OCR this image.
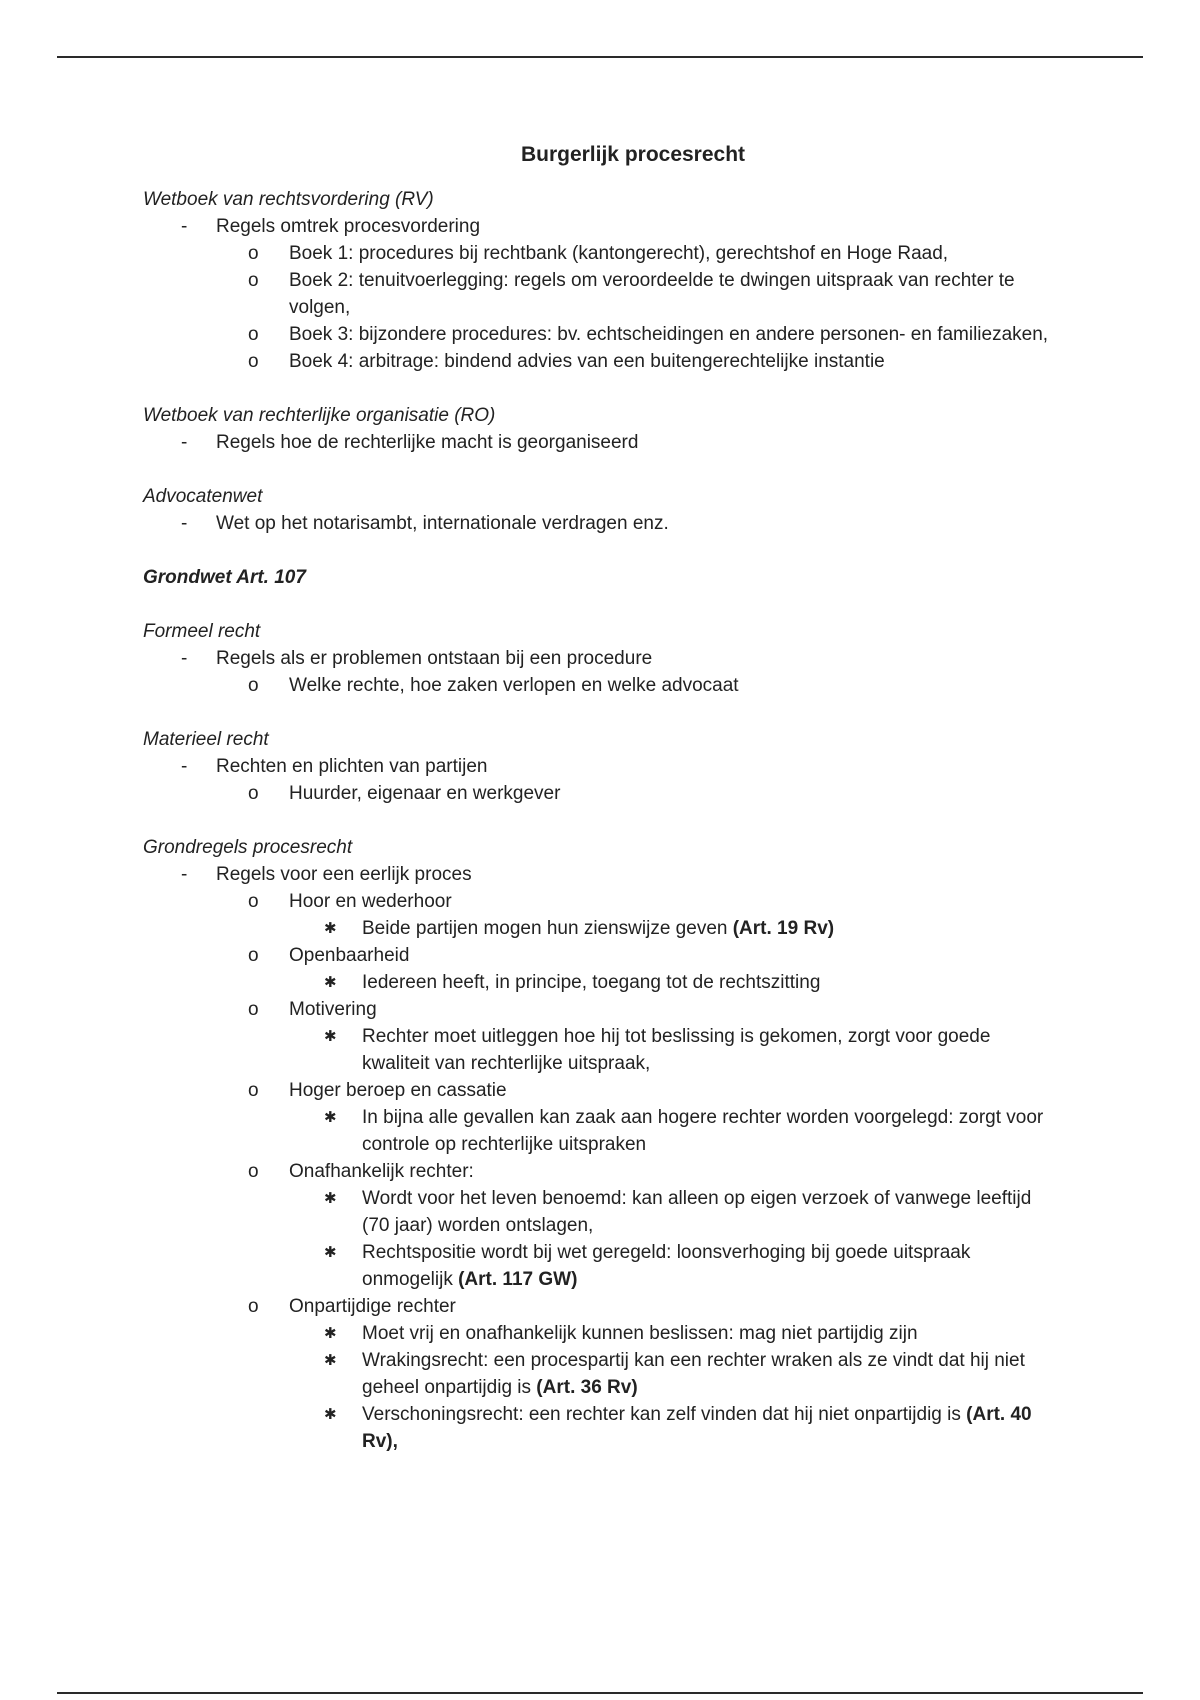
Burgerlijk procesrecht
Wetboek van rechtsvordering (RV)
- Regels omtrek procesvordering
o Boek 1: procedures bij rechtbank (kantongerecht), gerechtshof en Hoge Raad,
o Boek 2: tenuitvoerlegging: regels om veroordeelde te dwingen uitspraak van rechter te volgen,
o Boek 3: bijzondere procedures: bv. echtscheidingen en andere personen- en familiezaken,
o Boek 4: arbitrage: bindend advies van een buitengerechtelijke instantie
Wetboek van rechterlijke organisatie (RO)
- Regels hoe de rechterlijke macht is georganiseerd
Advocatenwet
- Wet op het notarisambt, internationale verdragen enz.
Grondwet Art. 107
Formeel recht
- Regels als er problemen ontstaan bij een procedure
o Welke rechte, hoe zaken verlopen en welke advocaat
Materieel recht
- Rechten en plichten van partijen
o Huurder, eigenaar en werkgever
Grondregels procesrecht
- Regels voor een eerlijk proces
o Hoor en wederhoor
✱ Beide partijen mogen hun zienswijze geven (Art. 19 Rv)
o Openbaarheid
✱ Iedereen heeft, in principe, toegang tot de rechtszitting
o Motivering
✱ Rechter moet uitleggen hoe hij tot beslissing is gekomen, zorgt voor goede kwaliteit van rechterlijke uitspraak,
o Hoger beroep en cassatie
✱ In bijna alle gevallen kan zaak aan hogere rechter worden voorgelegd: zorgt voor controle op rechterlijke uitspraken
o Onafhankelijk rechter:
✱ Wordt voor het leven benoemd: kan alleen op eigen verzoek of vanwege leeftijd (70 jaar) worden ontslagen,
✱ Rechtspositie wordt bij wet geregeld: loonsverhoging bij goede uitspraak onmogelijk (Art. 117 GW)
o Onpartijdige rechter
✱ Moet vrij en onafhankelijk kunnen beslissen: mag niet partijdig zijn
✱ Wrakingsrecht: een procespartij kan een rechter wraken als ze vindt dat hij niet geheel onpartijdig is (Art. 36 Rv)
✱ Verschoningsrecht: een rechter kan zelf vinden dat hij niet onpartijdig is (Art. 40 Rv),
